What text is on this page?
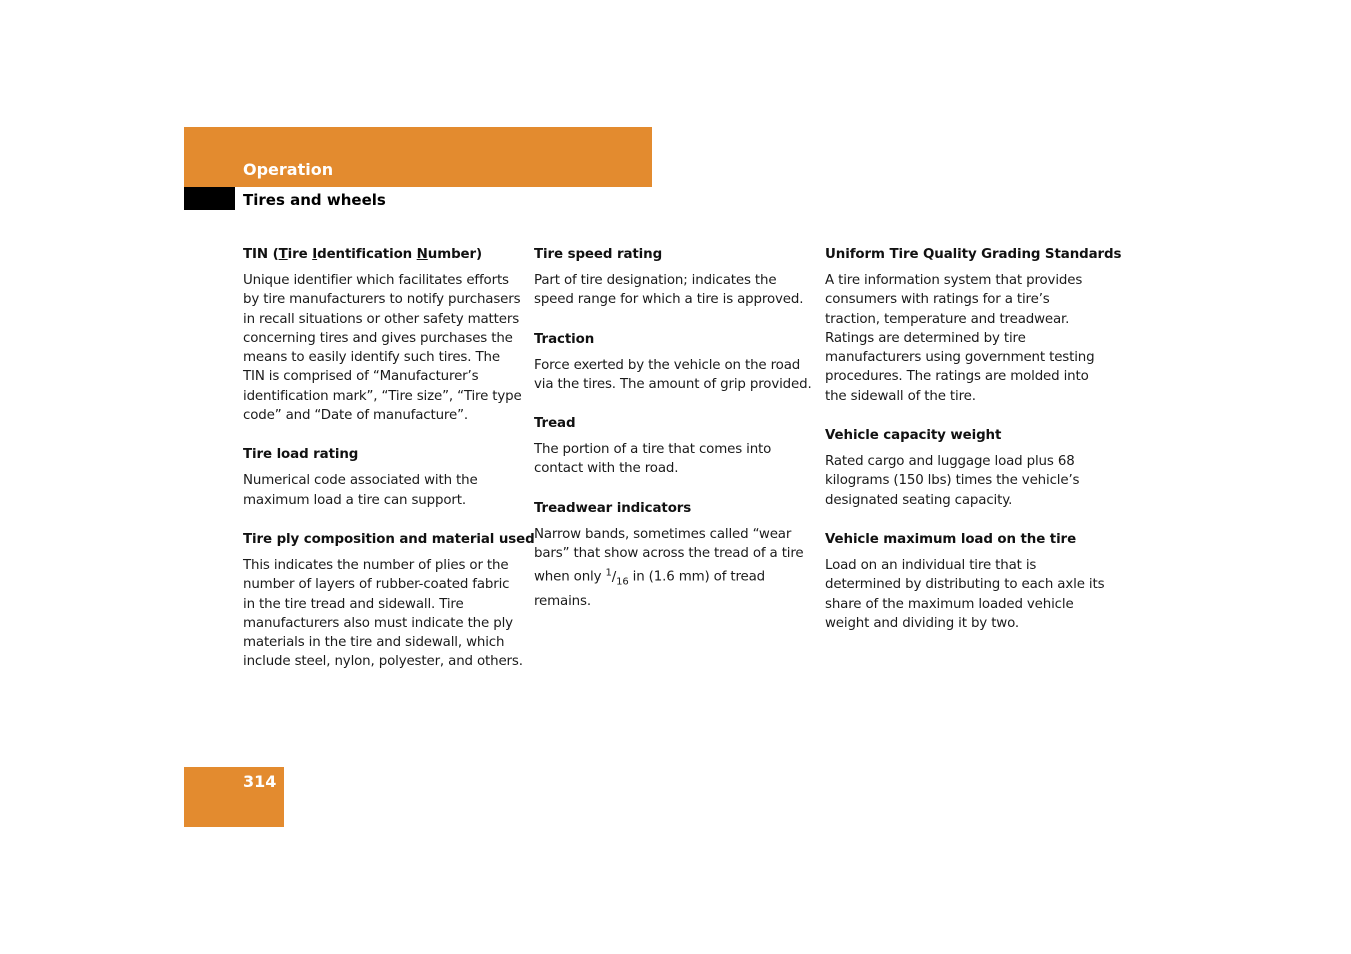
Operation
Tires and wheels
TIN (Tire Identification Number)

Unique identifier which facilitates efforts by tire manufacturers to notify purchasers in recall situations or other safety matters concerning tires and gives purchases the means to easily identify such tires. The TIN is comprised of “Manufacturer’s identification mark”, “Tire size”, “Tire type code” and “Date of manufacture”.

Tire load rating

Numerical code associated with the maximum load a tire can support.

Tire ply composition and material used

This indicates the number of plies or the number of layers of rubber-coated fabric in the tire tread and sidewall. Tire manufacturers also must indicate the ply materials in the tire and sidewall, which include steel, nylon, polyester, and others.

Tire speed rating

Part of tire designation; indicates the speed range for which a tire is approved.

Traction

Force exerted by the vehicle on the road via the tires. The amount of grip provided.

Tread

The portion of a tire that comes into contact with the road.

Treadwear indicators

Narrow bands, sometimes called “wear bars” that show across the tread of a tire when only $^1/_{16}$ in (1.6 mm) of tread remains.

Uniform Tire Quality Grading Standards

A tire information system that provides consumers with ratings for a tire’s traction, temperature and treadwear. Ratings are determined by tire manufacturers using government testing procedures. The ratings are molded into the sidewall of the tire.

Vehicle capacity weight

Rated cargo and luggage load plus 68 kilograms (150 lbs) times the vehicle’s designated seating capacity.

Vehicle maximum load on the tire

Load on an individual tire that is determined by distributing to each axle its share of the maximum loaded vehicle weight and dividing it by two.

314
